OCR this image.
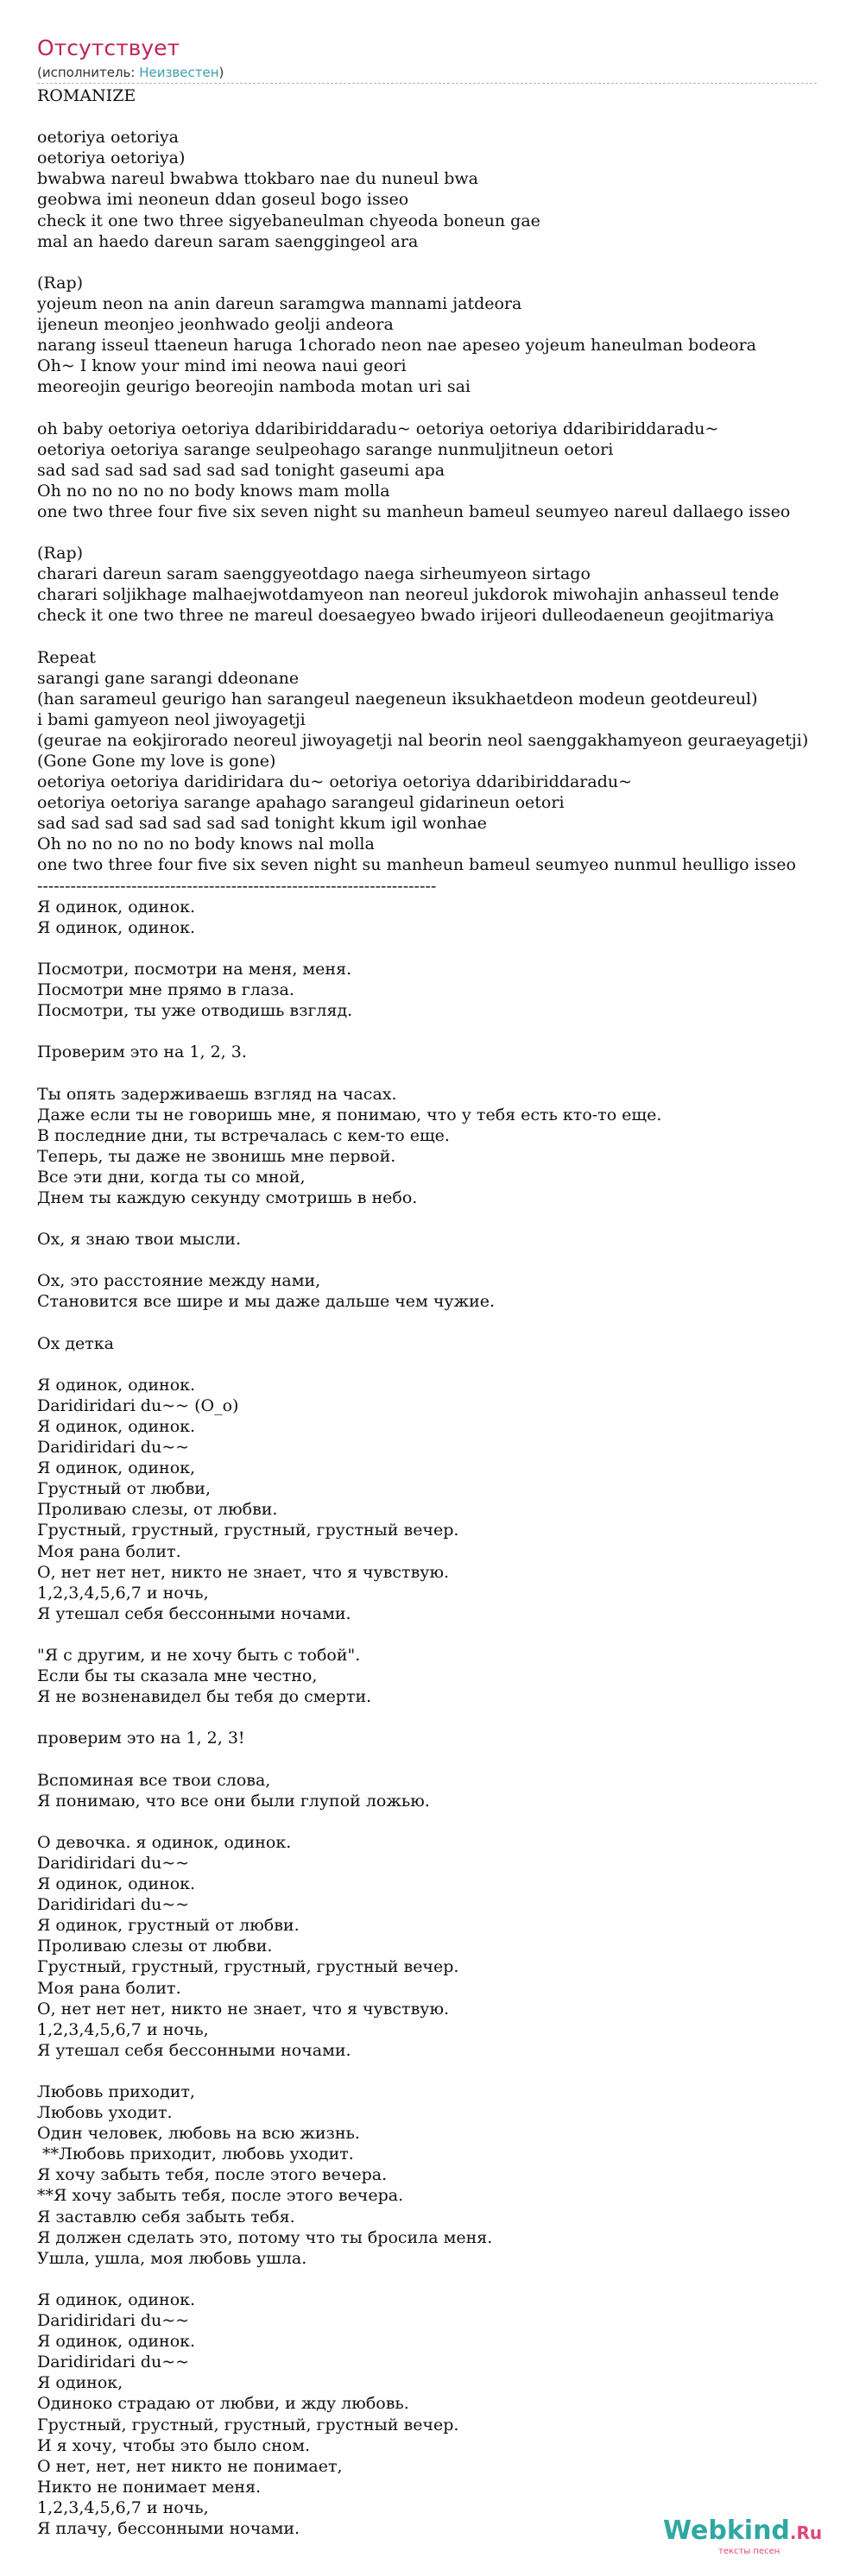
Отсутствует
(исполнитель: Неизвестен)
ROMANIZE
oetoriya oetoriya
oetoriya oetoriya)
bwabwa nareul bwabwa ttokbaro nae du nuneul bwa
geobwa imi neoneun ddan goseul bogo isseo
check it one two three sigyebaneulman chyeoda boneun gae
mal an haedo dareun saram saenggingeol ara
(Rap)
yojeum neon na anin dareun saramgwa mannami jatdeora
ijeneun meonjeo jeonhwado geolji andeora
narang isseul ttaeneun haruga 1chorado neon nae apeseo yojeum haneulman bodeora
Oh~ I know your mind imi neowa naui geori
meoreojin geurigo beoreojin namboda motan uri sai
oh baby oetoriya oetoriya ddaribiriddaradu~ oetoriya oetoriya ddaribiriddaradu~
oetoriya oetoriya sarange seulpeohago sarange nunmuljitneun oetori
sad sad sad sad sad sad sad tonight gaseumi apa
Oh no no no no no body knows mam molla
one two three four five six seven night su manheun bameul seumyeo nareul dallaego isseo
(Rap)
charari dareun saram saenggyeotdago naega sirheumyeon sirtago
charari soljikhage malhaejwotdamyeon nan neoreul jukdorok miwohajin anhasseul tende
check it one two three ne mareul doesaegyeo bwado irijeori dulleodaeneun geojitmariya
Repeat
sarangi gane sarangi ddeonane
(han sarameul geurigo han sarangeul naegeneun iksukhaetdeon modeun geotdeureul)
i bami gamyeon neol jiwoyagetji
(geurae na eokjirorado neoreul jiwoyagetji nal beorin neol saenggakhamyeon geuraeyagetji)
(Gone Gone my love is gone)
oetoriya oetoriya daridiridara du~ oetoriya oetoriya ddaribiriddaradu~
oetoriya oetoriya sarange apahago sarangeul gidarineun oetori
sad sad sad sad sad sad sad tonight kkum igil wonhae
Oh no no no no no body knows nal molla
one two three four five six seven night su manheun bameul seumyeo nunmul heulligo isseo
------------------------------------------------------------------------
Я одинок, одинок.
Я одинок, одинок.
Посмотри, посмотри на меня, меня.
Посмотри мне прямо в глаза.
Посмотри, ты уже отводишь взгляд.
Проверим это на 1, 2, 3.
Ты опять задерживаешь взгляд на часах.
Даже если ты не говоришь мне, я понимаю, что у тебя есть кто-то еще.
В последние дни, ты встречалась с кем-то еще.
Теперь, ты даже не звонишь мне первой.
Все эти дни, когда ты со мной,
Днем ты каждую секунду смотришь в небо.
Ох, я знаю твои мысли.
Ох, это расстояние между нами,
Становится все шире и мы даже дальше чем чужие.
Ох детка
Я одинок, одинок.
Daridiridari du~~ (O_o)
Я одинок, одинок.
Daridiridari du~~
Я одинок, одинок,
Грустный от любви,
Проливаю слезы, от любви.
Грустный, грустный, грустный, грустный вечер.
Моя рана болит.
О, нет нет нет, никто не знает, что я чувствую.
1,2,3,4,5,6,7 и ночь,
Я утешал себя бессонными ночами.
"Я с другим, и не хочу быть с тобой".
Если бы ты сказала мне честно,
Я не возненавидел бы тебя до смерти.
проверим это на 1, 2, 3!
Вспоминая все твои слова,
Я понимаю, что все они были глупой ложью.
О девочка. я одинок, одинок.
Daridiridari du~~
Я одинок, одинок.
Daridiridari du~~
Я одинок, грустный от любви.
Проливаю слезы от любви.
Грустный, грустный, грустный, грустный вечер.
Моя рана болит.
О, нет нет нет, никто не знает, что я чувствую.
1,2,3,4,5,6,7 и ночь,
Я утешал себя бессонными ночами.
Любовь приходит,
Любовь уходит.
Один человек, любовь на всю жизнь.
**Любовь приходит, любовь уходит.
Я хочу забыть тебя, после этого вечера.
**Я хочу забыть тебя, после этого вечера.
Я заставлю себя забыть тебя.
Я должен сделать это, потому что ты бросила меня.
Ушла, ушла, моя любовь ушла.
Я одинок, одинок.
Daridiridari du~~
Я одинок, одинок.
Daridiridari du~~
Я одинок,
Одиноко страдаю от любви, и жду любовь.
Грустный, грустный, грустный, грустный вечер.
И я хочу, чтобы это было сном.
О нет, нет, нет никто не понимает,
Никто не понимает меня.
1,2,3,4,5,6,7 и ночь,
Я плачу, бессонными ночами.	Webkind.Ru
тексты песен
